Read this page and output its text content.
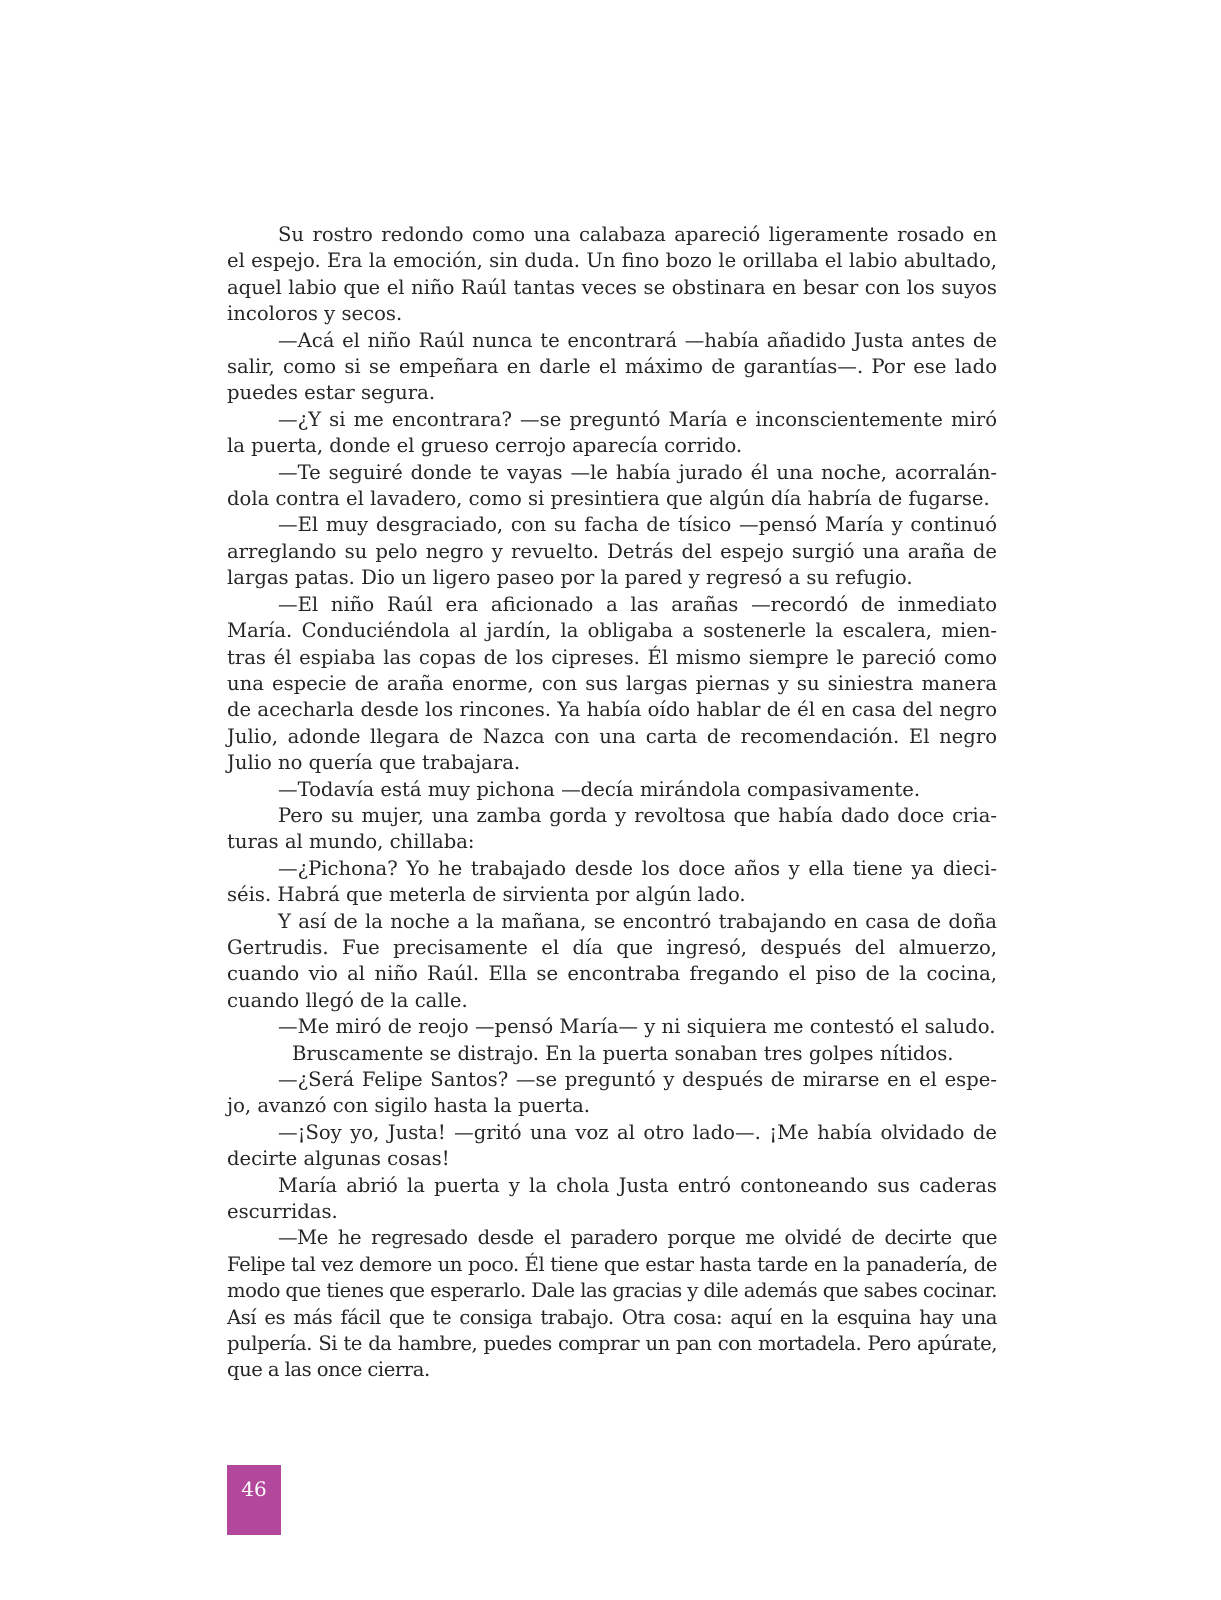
Su rostro redondo como una calabaza apareció ligeramente rosado en el espejo. Era la emoción, sin duda. Un fino bozo le orillaba el labio abultado, aquel labio que el niño Raúl tantas veces se obstinara en besar con los suyos incoloros y secos.

—Acá el niño Raúl nunca te encontrará —había añadido Justa antes de salir, como si se empeñara en darle el máximo de garantías—. Por ese lado puedes estar segura.

—¿Y si me encontrara? —se preguntó María e inconscientemente miró la puerta, donde el grueso cerrojo aparecía corrido.

—Te seguiré donde te vayas —le había jurado él una noche, acorralándola contra el lavadero, como si presintiera que algún día habría de fugarse.

—El muy desgraciado, con su facha de tísico —pensó María y continuó arreglando su pelo negro y revuelto. Detrás del espejo surgió una araña de largas patas. Dio un ligero paseo por la pared y regresó a su refugio.

—El niño Raúl era aficionado a las arañas —recordó de inmediato María. Conduciéndola al jardín, la obligaba a sostenerle la escalera, mientras él espiaba las copas de los cipreses. Él mismo siempre le pareció como una especie de araña enorme, con sus largas piernas y su siniestra manera de acecharla desde los rincones. Ya había oído hablar de él en casa del negro Julio, adonde llegara de Nazca con una carta de recomendación. El negro Julio no quería que trabajara.

—Todavía está muy pichona —decía mirándola compasivamente.

Pero su mujer, una zamba gorda y revoltosa que había dado doce criaturas al mundo, chillaba:

—¿Pichona? Yo he trabajado desde los doce años y ella tiene ya dieciséis. Habrá que meterla de sirvienta por algún lado.

Y así de la noche a la mañana, se encontró trabajando en casa de doña Gertrudis. Fue precisamente el día que ingresó, después del almuerzo, cuando vio al niño Raúl. Ella se encontraba fregando el piso de la cocina, cuando llegó de la calle.

—Me miró de reojo —pensó María— y ni siquiera me contestó el saludo.

Bruscamente se distrajo. En la puerta sonaban tres golpes nítidos.

—¿Será Felipe Santos? —se preguntó y después de mirarse en el espejo, avanzó con sigilo hasta la puerta.

—¡Soy yo, Justa! —gritó una voz al otro lado—. ¡Me había olvidado de decirte algunas cosas!

María abrió la puerta y la chola Justa entró contoneando sus caderas escurridas.

—Me he regresado desde el paradero porque me olvidé de decirte que Felipe tal vez demore un poco. Él tiene que estar hasta tarde en la panadería, de modo que tienes que esperarlo. Dale las gracias y dile además que sabes cocinar. Así es más fácil que te consiga trabajo. Otra cosa: aquí en la esquina hay una pulpería. Si te da hambre, puedes comprar un pan con mortadela. Pero apúrate, que a las once cierra.

46
